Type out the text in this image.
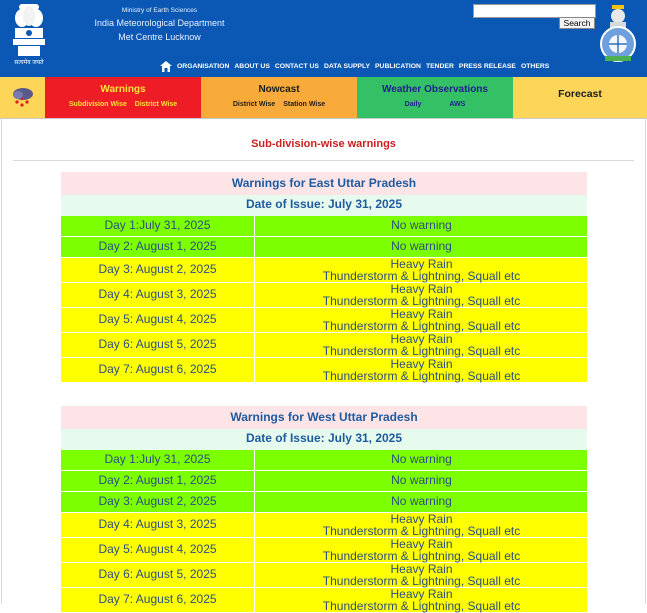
सत्यमेव जयते
Ministry of Earth Sciences
India Meteorological Department
Met Centre Lucknow
Search
ORGANISATION ABOUT US CONTACT US DATA SUPPLY PUBLICATION TENDER PRESS RELEASE OTHERS
Warnings
Subdivision Wise District Wise
Nowcast
District Wise Station Wise
Weather Observations
Daily	AWS
Forecast
Sub-division-wise warnings
Warnings for East Uttar Pradesh
Date of Issue: July 31, 2025
Day 1:July 31, 2025	No warning
Day 2: August 1, 2025	No warning
Day 3: August 2, 2025	Heavy Rain
Thunderstorm & Lightning, Squall etc
Day 4: August 3, 2025	Heavy Rain
Thunderstorm & Lightning, Squall etc
Day 5: August 4, 2025	Heavy Rain
Thunderstorm & Lightning, Squall etc
Day 6: August 5, 2025	Heavy Rain
Thunderstorm & Lightning, Squall etc
Day 7: August 6, 2025	Heavy Rain
Thunderstorm & Lightning, Squall etc
Warnings for West Uttar Pradesh
Date of Issue: July 31, 2025
Day 1:July 31, 2025	No warning
Day 2: August 1, 2025	No warning
Day 3: August 2, 2025	No warning
Day 4: August 3, 2025	Heavy Rain
Thunderstorm & Lightning, Squall etc
Day 5: August 4, 2025	Heavy Rain
Thunderstorm & Lightning, Squall etc
Day 6: August 5, 2025	Heavy Rain
Thunderstorm & Lightning, Squall etc
Day 7: August 6, 2025	Heavy Rain
Thunderstorm & Lightning, Squall etc
